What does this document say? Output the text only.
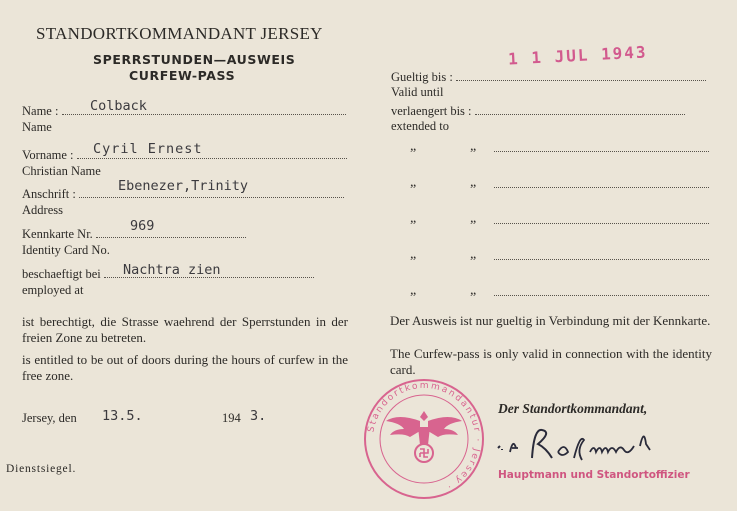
STANDORTKOMMANDANT JERSEY
SPERRSTUNDEN—AUSWEIS
CURFEW-PASS
Name :	Colback
Name
Vorname :	Cyril Ernest
Christian Name
Anschrift :	Ebenezer,Trinity
Address
Kennkarte Nr.	969
Identity Card No.
beschaeftigt bei	Nachtra zien
employed at
ist berechtigt, die Strasse waehrend der Sperrstunden in der freien Zone zu betreten.
is entitled to be out of doors during the hours of curfew in the free zone.
Jersey, den 13.5.	194 3.
Dienstsiegel.
Gueltig bis :
1 1 JUL 1943
Valid until
verlaengert bis :
extended to
„	„
„	„
„	„
„	„
„	„
Der Ausweis ist nur gueltig in Verbindung mit der Kennkarte.
The Curfew-pass is only valid in connection with the identity card.
Der Standortkommandant,
Hauptmann und Standortoffizier
Standortkommandantur · Jersey ·
